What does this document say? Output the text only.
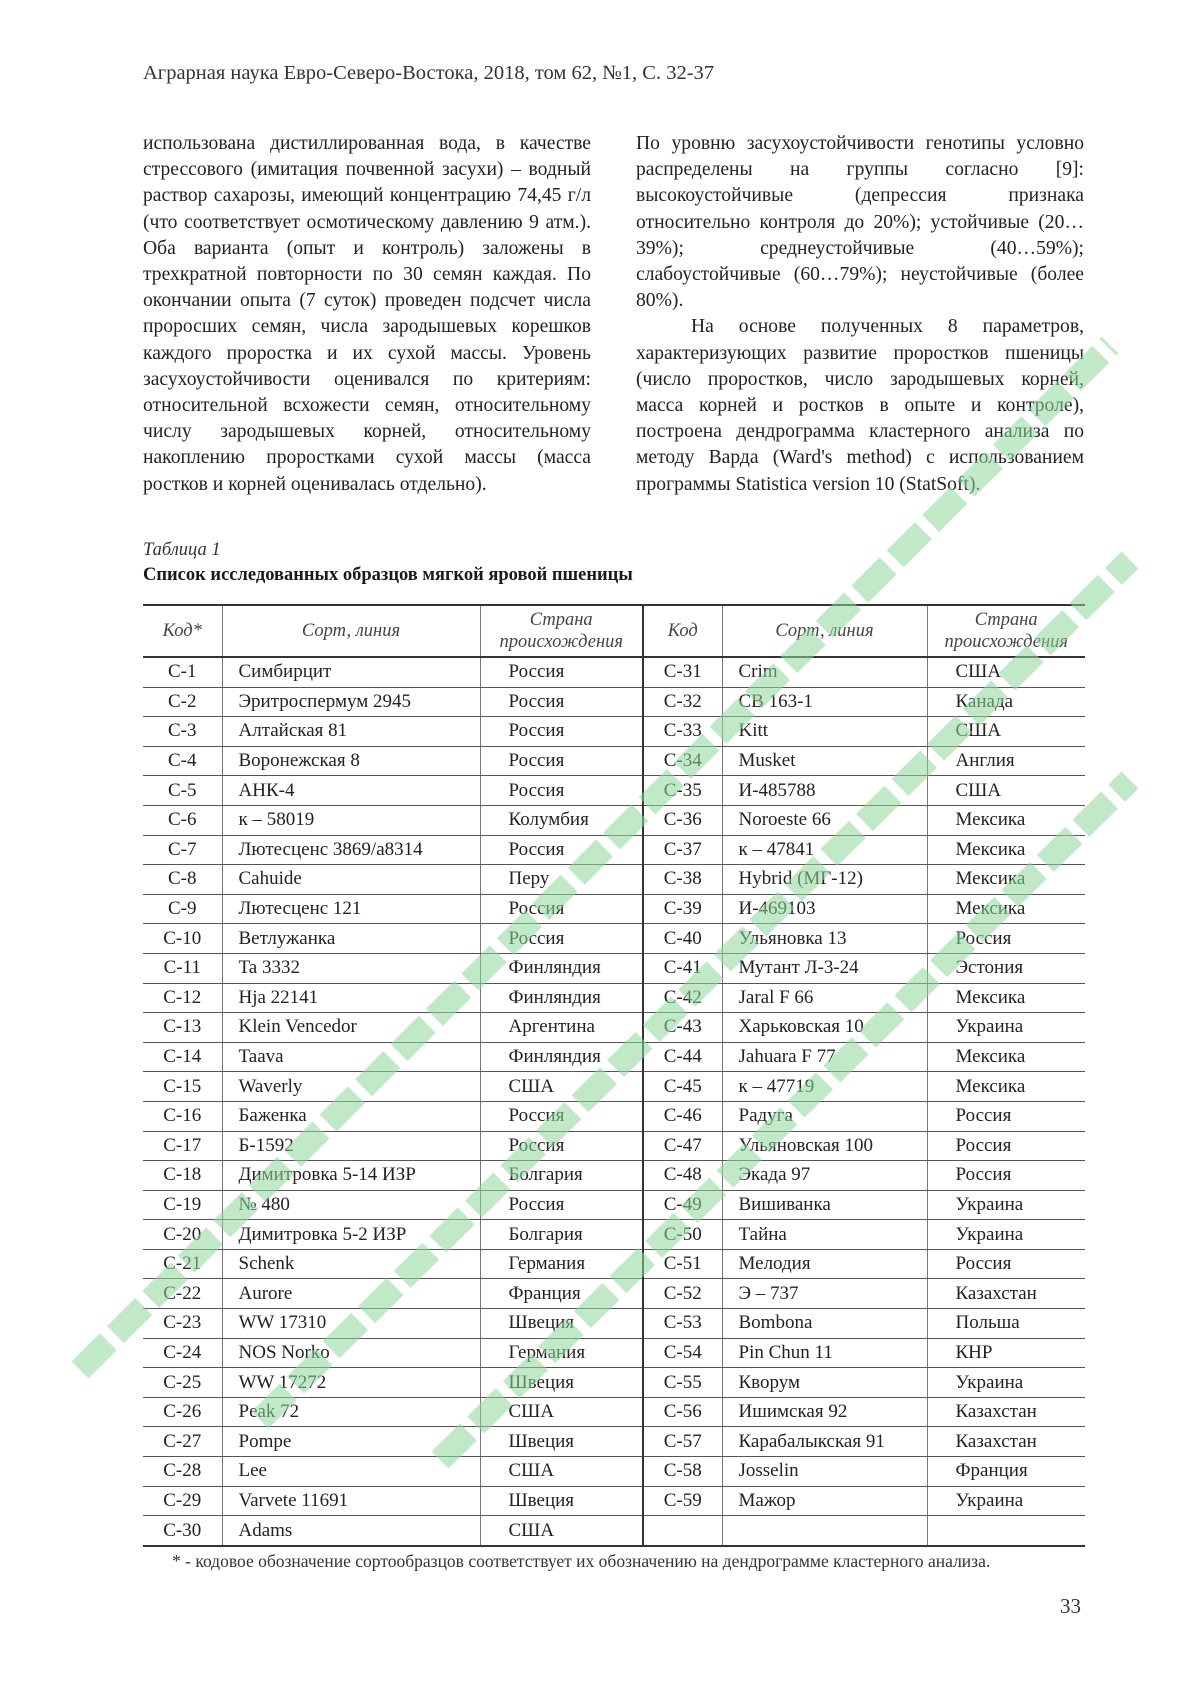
Аграрная наука Евро-Северо-Востока, 2018, том 62, №1, С. 32-37

использована дистиллированная вода, в качестве стрессового (имитация почвенной засухи) – водный раствор сахарозы, имеющий концентрацию 74,45 г/л (что соответствует осмотическому давлению 9 атм.). Оба варианта (опыт и контроль) заложены в трехкратной повторности по 30 семян каждая. По окончании опыта (7 суток) проведен подсчет числа проросших семян, числа зародышевых корешков каждого проростка и их сухой массы. Уровень засухоустойчивости оценивался по критериям: относительной всхожести семян, относительному числу зародышевых корней, относительному накоплению проростками сухой массы (масса ростков и корней оценивалась отдельно).

По уровню засухоустойчивости генотипы условно распределены на группы согласно [9]: высокоустойчивые (депрессия признака относительно контроля до 20%); устойчивые (20…39%); среднеустойчивые (40…59%); слабоустойчивые (60…79%); неустойчивые (более 80%).

На основе полученных 8 параметров, характеризующих развитие проростков пшеницы (число проростков, число зародышевых корней, масса корней и ростков в опыте и контроле), построена дендрограмма кластерного анализа по методу Варда (Ward's method) с использованием программы Statistica version 10 (StatSoft).

Таблица 1
Список исследованных образцов мягкой яровой пшеницы
Код*	Сорт, линия	Страна происхождения	Код	Сорт, линия	Страна происхождения
С-1	Симбирцит	Россия	С-31	Crim	США
С-2	Эритроспермум 2945	Россия	С-32	СВ 163-1	Канада
С-3	Алтайская 81	Россия	С-33	Kitt	США
С-4	Воронежская 8	Россия	С-34	Musket	Англия
С-5	АНК-4	Россия	С-35	И-485788	США
С-6	к – 58019	Колумбия	С-36	Noroeste 66	Мексика
С-7	Лютесценс 3869/а8314	Россия	С-37	к – 47841	Мексика
С-8	Cahuide	Перу	С-38	Hybrid (МГ-12)	Мексика
С-9	Лютесценс 121	Россия	С-39	И-469103	Мексика
С-10	Ветлужанка	Россия	С-40	Ульяновка 13	Россия
С-11	Ta 3332	Финляндия	С-41	Мутант Л-3-24	Эстония
С-12	Hja 22141	Финляндия	С-42	Jaral F 66	Мексика
С-13	Klein Vencedor	Аргентина	С-43	Харьковская 10	Украина
С-14	Taava	Финляндия	С-44	Jahuara F 77	Мексика
С-15	Waverly	США	С-45	к – 47719	Мексика
С-16	Баженка	Россия	С-46	Радуга	Россия
С-17	Б-1592	Россия	С-47	Ульяновская 100	Россия
С-18	Димитровка 5-14 ИЗР	Болгария	С-48	Экада 97	Россия
С-19	№ 480	Россия	С-49	Вишиванка	Украина
С-20	Димитровка 5-2 ИЗР	Болгария	С-50	Тайна	Украина
С-21	Schenk	Германия	С-51	Мелодия	Россия
С-22	Aurore	Франция	С-52	Э – 737	Казахстан
С-23	WW 17310	Швеция	С-53	Bombona	Польша
С-24	NOS Norko	Германия	С-54	Pin Chun 11	КНР
С-25	WW 17272	Швеция	С-55	Кворум	Украина
С-26	Peak 72	США	С-56	Ишимская 92	Казахстан
С-27	Pompe	Швеция	С-57	Карабалыкская 91	Казахстан
С-28	Lee	США	С-58	Josselin	Франция
С-29	Varvete 11691	Швеция	С-59	Мажор	Украина
С-30	Adams	США			
* - кодовое обозначение сортообразцов соответствует их обозначению на дендрограмме кластерного анализа.
33
